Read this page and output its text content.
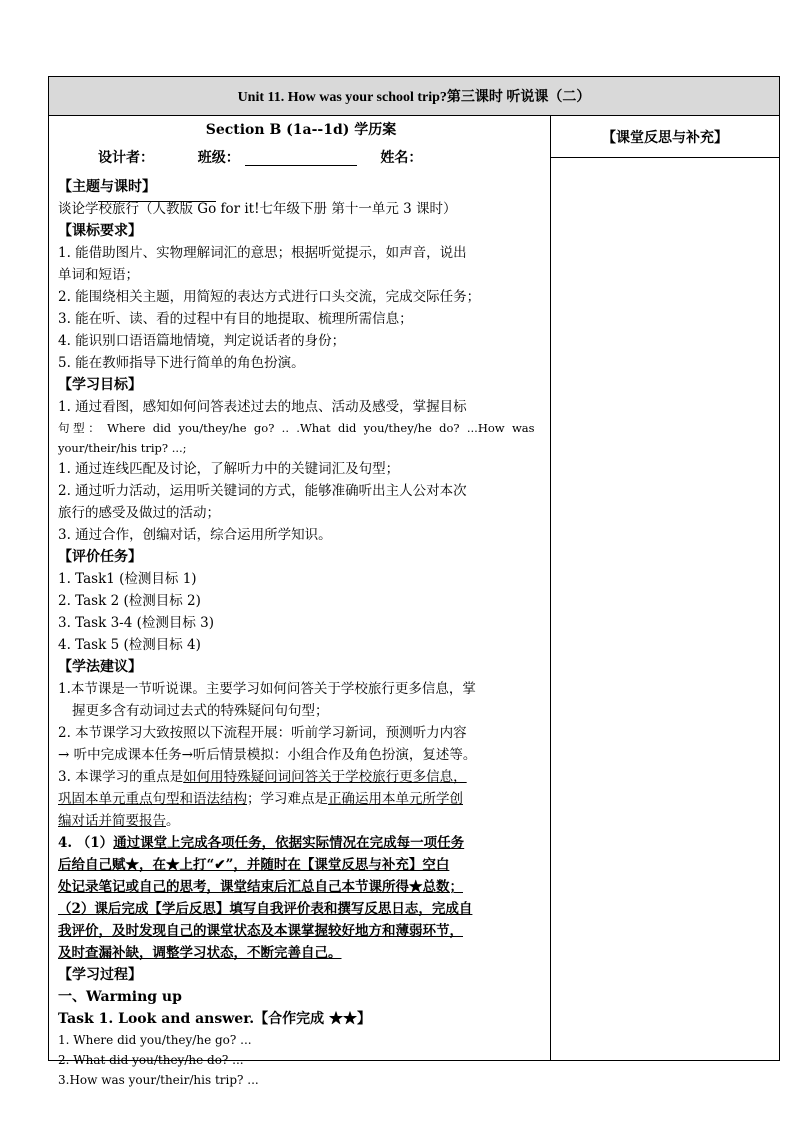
Unit 11. How was your school trip?第三课时 听说课（二）
Section B (1a--1d) 学历案
设计者：	班级：	姓名：
【主题与课时】
谈论学校旅行（人教版 Go for it!七年级下册 第十一单元 3 课时）
【课标要求】
1. 能借助图片、实物理解词汇的意思；根据听觉提示，如声音，说出
单词和短语；
2. 能围绕相关主题，用简短的表达方式进行口头交流，完成交际任务；
3. 能在听、读、看的过程中有目的地提取、梳理所需信息；
4. 能识别口语语篇地情境，判定说话者的身份；
5. 能在教师指导下进行简单的角色扮演。
【学习目标】
1. 通过看图，感知如何问答表述过去的地点、活动及感受，掌握目标
句 型 ：  Where  did  you/they/he  go?  ..  .What  did  you/they/he  do?  ...How  was
your/their/his trip? ...;
1. 通过连线匹配及讨论，了解听力中的关键词汇及句型；
2. 通过听力活动，运用听关键词的方式，能够准确听出主人公对本次
旅行的感受及做过的活动；
3. 通过合作，创编对话，综合运用所学知识。
【评价任务】
1. Task1 (检测目标 1)
2. Task 2 (检测目标 2)
3. Task 3-4 (检测目标 3)
4. Task 5 (检测目标 4)
【学法建议】
1.本节课是一节听说课。主要学习如何问答关于学校旅行更多信息，掌
握更多含有动词过去式的特殊疑问句句型；
2. 本节课学习大致按照以下流程开展：听前学习新词，预测听力内容
→ 听中完成课本任务→听后情景模拟：小组合作及角色扮演，复述等。
3. 本课学习的重点是如何用特殊疑问词问答关于学校旅行更多信息，
巩固本单元重点句型和语法结构；学习难点是正确运用本单元所学创
编对话并简要报告。
4. （1）通过课堂上完成各项任务，依据实际情况在完成每一项任务
后给自己赋★，在★上打“✔”，并随时在【课堂反思与补充】空白
处记录笔记或自己的思考，课堂结束后汇总自己本节课所得★总数；
（2）课后完成【学后反思】填写自我评价表和撰写反思日志，完成自
我评价，及时发现自己的课堂状态及本课掌握较好地方和薄弱环节，
及时查漏补缺，调整学习状态，不断完善自己。
【学习过程】
一、Warming up
Task 1. Look and answer.【合作完成 ★★】
1. Where did you/they/he go? ...
2. What did you/they/he do? ...
3.How was your/their/his trip? ...
【课堂反思与补充】
